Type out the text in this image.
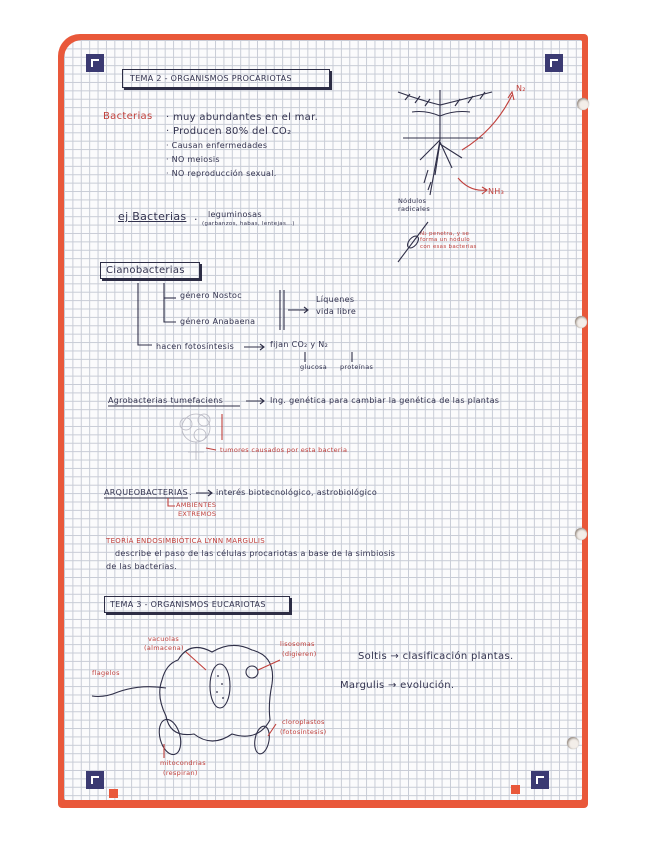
TEMA 2 - ORGANISMOS PROCARIOTAS
Bacterias · muy abundantes en el mar.
· Producen 80% del CO₂
· Causan enfermedades
· NO meiosis
· NO reproducción sexual.
ej Bacterias . leguminosas
(garbanzos, habas, lentejas...)
N₂
NH₃
Nódulos radicales
N₂ penetra, y se forma un nódulo con esas bacterias
Cianobacterias
género Nostoc
género Anabaena
Líquenes
vida libre
hacen fotosíntesis	fijan CO₂ y N₂
glucosa proteínas
Agrobacterias tumefaciens	Ing. genética para cambiar la genética de las plantas
tumores causados por esta bacteria
ARQUEOBACTERIAS .	interés biotecnológico, astrobiológico
AMBIENTES
EXTREMOS
TEORÍA ENDOSIMBIÓTICA LYNN MARGULIS
describe el paso de las células procariotas a base de la simbiosis
de las bacterias.
TEMA 3 - ORGANISMOS EUCARIOTAS
vacuolas
(almacena)	lisosomas
(digieren)
flagelos
cloroplastos
(fotosíntesis)
mitocondrias
(respiran)
Soltis → clasificación plantas.
Margulis → evolución.
